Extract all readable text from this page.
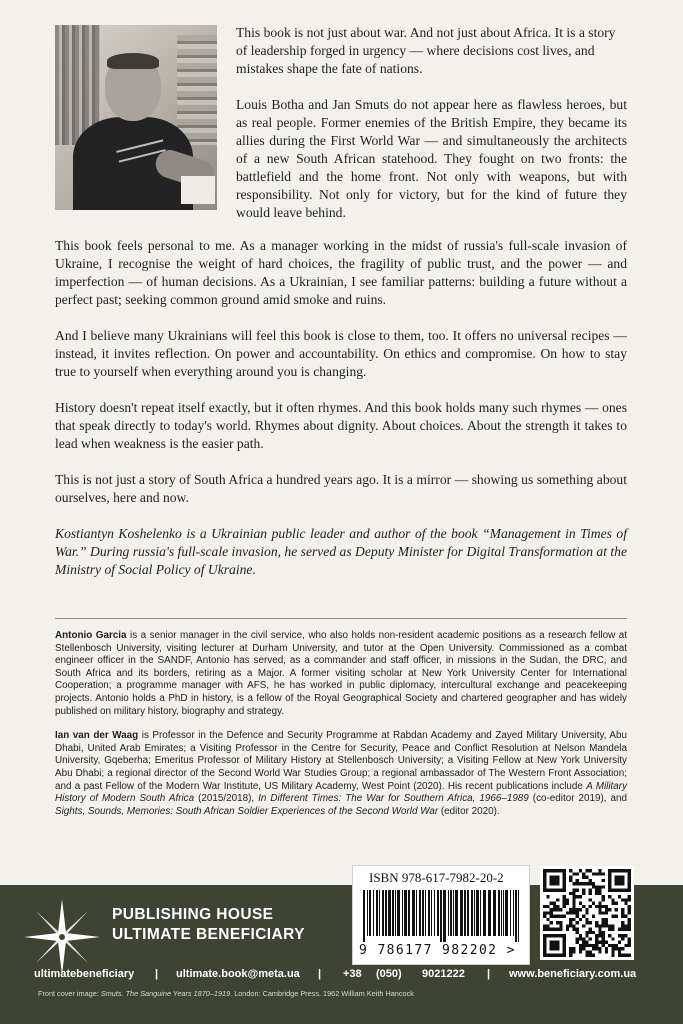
This book is not just about war. And not just about Africa. It is a story of leadership forged in urgency — where decisions cost lives, and mistakes shape the fate of nations.

Louis Botha and Jan Smuts do not appear here as flawless heroes, but as real people. Former enemies of the British Empire, they became its allies during the First World War — and simultaneously the architects of a new South African statehood. They fought on two fronts: the battlefield and the home front. Not only with weapons, but with responsibility. Not only for victory, but for the kind of future they would leave behind.

This book feels personal to me. As a manager working in the midst of russia's full-scale invasion of Ukraine, I recognise the weight of hard choices, the fragility of public trust, and the power — and imperfection — of human decisions. As a Ukrainian, I see familiar patterns: building a future without a perfect past; seeking common ground amid smoke and ruins.

And I believe many Ukrainians will feel this book is close to them, too. It offers no universal recipes — instead, it invites reflection. On power and accountability. On ethics and compromise. On how to stay true to yourself when everything around you is changing.

History doesn't repeat itself exactly, but it often rhymes. And this book holds many such rhymes — ones that speak directly to today's world. Rhymes about dignity. About choices. About the strength it takes to lead when weakness is the easier path.

This is not just a story of South Africa a hundred years ago. It is a mirror — showing us something about ourselves, here and now.

Kostiantyn Koshelenko is a Ukrainian public leader and author of the book “Management in Times of War.” During russia's full-scale invasion, he served as Deputy Minister for Digital Transformation at the Ministry of Social Policy of Ukraine.

Antonio Garcia is a senior manager in the civil service, who also holds non-resident academic positions as a research fellow at Stellenbosch University, visiting lecturer at Durham University, and tutor at the Open University. Commissioned as a combat engineer officer in the SANDF, Antonio has served, as a commander and staff officer, in missions in the Sudan, the DRC, and South Africa and its borders, retiring as a Major. A former visiting scholar at New York University Center for International Cooperation; a programme manager with AFS, he has worked in public diplomacy, intercultural exchange and peacekeeping projects. Antonio holds a PhD in history, is a fellow of the Royal Geographical Society and chartered geographer and has widely published on military history, biography and strategy.

Ian van der Waag is Professor in the Defence and Security Programme at Rabdan Academy and Zayed Military University, Abu Dhabi, United Arab Emirates; a Visiting Professor in the Centre for Security, Peace and Conflict Resolution at Nelson Mandela University, Gqeberha; Emeritus Professor of Military History at Stellenbosch University; a Visiting Fellow at New York University Abu Dhabi; a regional director of the Second World War Studies Group; a regional ambassador of The Western Front Association; and a past Fellow of the Modern War Institute, US Military Academy, West Point (2020). His recent publications include A Military History of Modern South Africa (2015/2018), In Different Times: The War for Southern Africa, 1966–1989 (co-editor 2019), and Sights, Sounds, Memories: South African Soldier Experiences of the Second World War (editor 2020).

PUBLISHING HOUSE
ULTIMATE BENEFICIARY
ISBN 978-617-7982-20-2
9 786177 982202 >
ultimatebeneficiary | ultimate.book@meta.ua | +38 (050) 9021222 | www.beneficiary.com.ua
Front cover image: Smuts. The Sanguine Years 1870–1919. London: Cambridge Press. 1962 William Keith Hancock
